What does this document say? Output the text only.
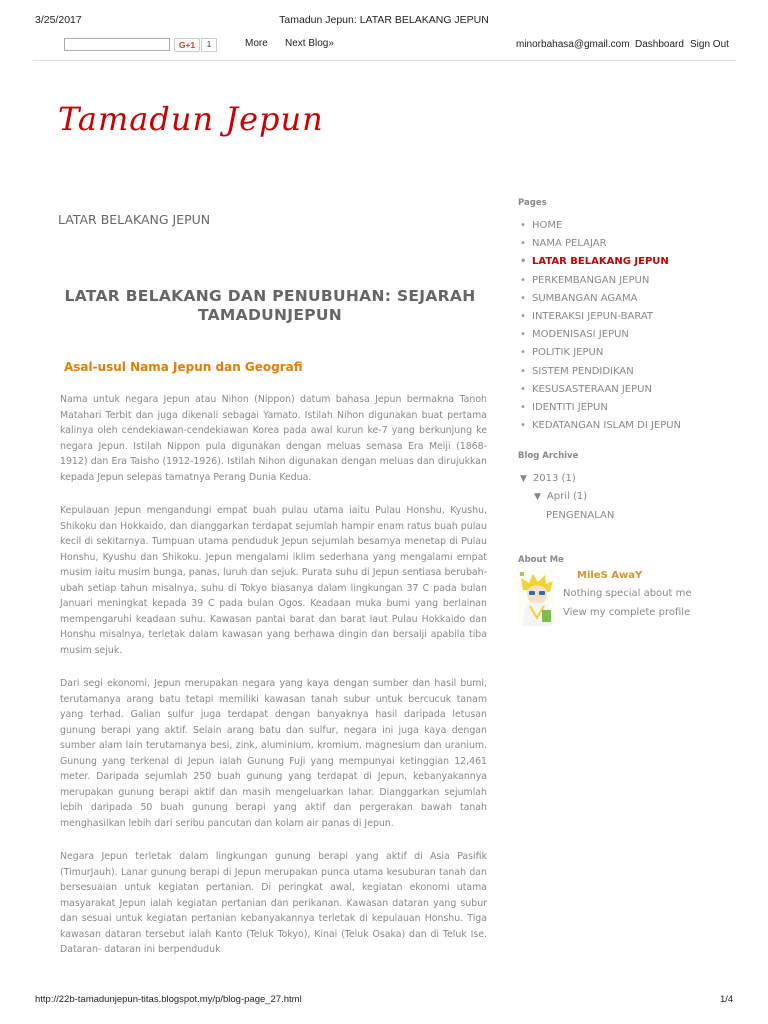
3/25/2017	Tamadun Jepun: LATAR BELAKANG JEPUN
G+1	1	More Next Blog»	minorbahasa@gmail.com Dashboard Sign Out
Tamadun Jepun
LATAR BELAKANG JEPUN
LATAR BELAKANG DAN PENUBUHAN: SEJARAH TAMADUNJEPUN
Asal-usul Nama Jepun dan Geografi

Nama untuk negara Jepun atau Nihon (Nippon) datum bahasa Jepun bermakna Tanoh Matahari Terbit dan juga dikenali sebagai Yamato. Istilah Nihon digunakan buat pertama kalinya oleh cendekiawan-cendekiawan Korea pada awal kurun ke-7 yang berkunjung ke negara Jepun. Istilah Nippon pula digunakan dengan meluas semasa Era Meiji (1868-1912) dan Era Taisho (1912-1926). Istilah Nihon digunakan dengan meluas dan dirujukkan kepada Jepun selepas tamatnya Perang Dunia Kedua.

Kepulauan Jepun mengandungi empat buah pulau utama iaitu Pulau Honshu, Kyushu, Shikoku dan Hokkaido, dan dianggarkan terdapat sejumlah hampir enam ratus buah pulau kecil di sekitarnya. Tumpuan utama penduduk Jepun sejumlah besarnya menetap di Pulau Honshu, Kyushu dan Shikoku. Jepun mengalami iklim sederhana yang mengalami empat musim iaitu musim bunga, panas, luruh dan sejuk. Purata suhu di Jepun sentiasa berubah-ubah setiap tahun misalnya, suhu di Tokyo biasanya dalam lingkungan 37 C pada bulan Januari meningkat kepada 39 C pada bulan Ogos. Keadaan muka bumi yang berlainan mempengaruhi keadaan suhu. Kawasan pantai barat dan barat laut Pulau Hokkaido dan Honshu misalnya, terletak dalam kawasan yang berhawa dingin dan bersalji apabila tiba musim sejuk.

Dari segi ekonomi, Jepun merupakan negara yang kaya dengan sumber dan hasil bumi, terutamanya arang batu tetapi memiliki kawasan tanah subur untuk bercucuk tanam yang terhad. Galian sulfur juga terdapat dengan banyaknya hasil daripada letusan gunung berapi yang aktif. Selain arang batu dan sulfur, negara ini juga kaya dengan sumber alam lain terutamanya besi, zink, aluminium, kromium, magnesium dan uranium. Gunung yang terkenal di Jepun ialah Gunung Fuji yang mempunyai ketinggian 12,461 meter. Daripada sejumlah 250 buah gunung yang terdapat di Jepun, kebanyakannya merupakan gunung berapi aktif dan masih mengeluarkan lahar. Dianggarkan sejumlah lebih daripada 50 buah gunung berapi yang aktif dan pergerakan bawah tanah menghasilkan lebih dari seribu pancutan dan kolam air panas di Jepun.

Negara Jepun terletak dalam lingkungan gunung berapi yang aktif di Asia Pasifik (TimurJauh). Lanar gunung berapi di Jepun merupakan punca utama kesuburan tanah dan bersesuaian untuk kegiatan pertanian. Di peringkat awal, kegiatan ekonomi utama masyarakat Jepun ialah kegiatan pertanian dan perikanan. Kawasan dataran yang subur dan sesuai untuk kegiatan pertanian kebanyakannya terletak di kepulauan Honshu. Tiga kawasan dataran tersebut ialah Kanto (Teluk Tokyo), Kinai (Teluk Osaka) dan di Teluk Ise. Dataran- dataran ini berpenduduk

Pages
• HOME
• NAMA PELAJAR
• LATAR BELAKANG JEPUN
• PERKEMBANGAN JEPUN
• SUMBANGAN AGAMA
• INTERAKSI JEPUN-BARAT
• MODENISASI JEPUN
• POLITIK JEPUN
• SISTEM PENDIDIKAN
• KESUSASTERAAN JEPUN
• IDENTITI JEPUN
• KEDATANGAN ISLAM DI JEPUN
Blog Archive
▼ 2013 (1)
▼ April (1)
PENGENALAN
About Me
MileS AwaY
Nothing special about me
View my complete profile
http://22b-tamadunjepun-titas.blogspot.my/p/blog-page_27.html	1/4
